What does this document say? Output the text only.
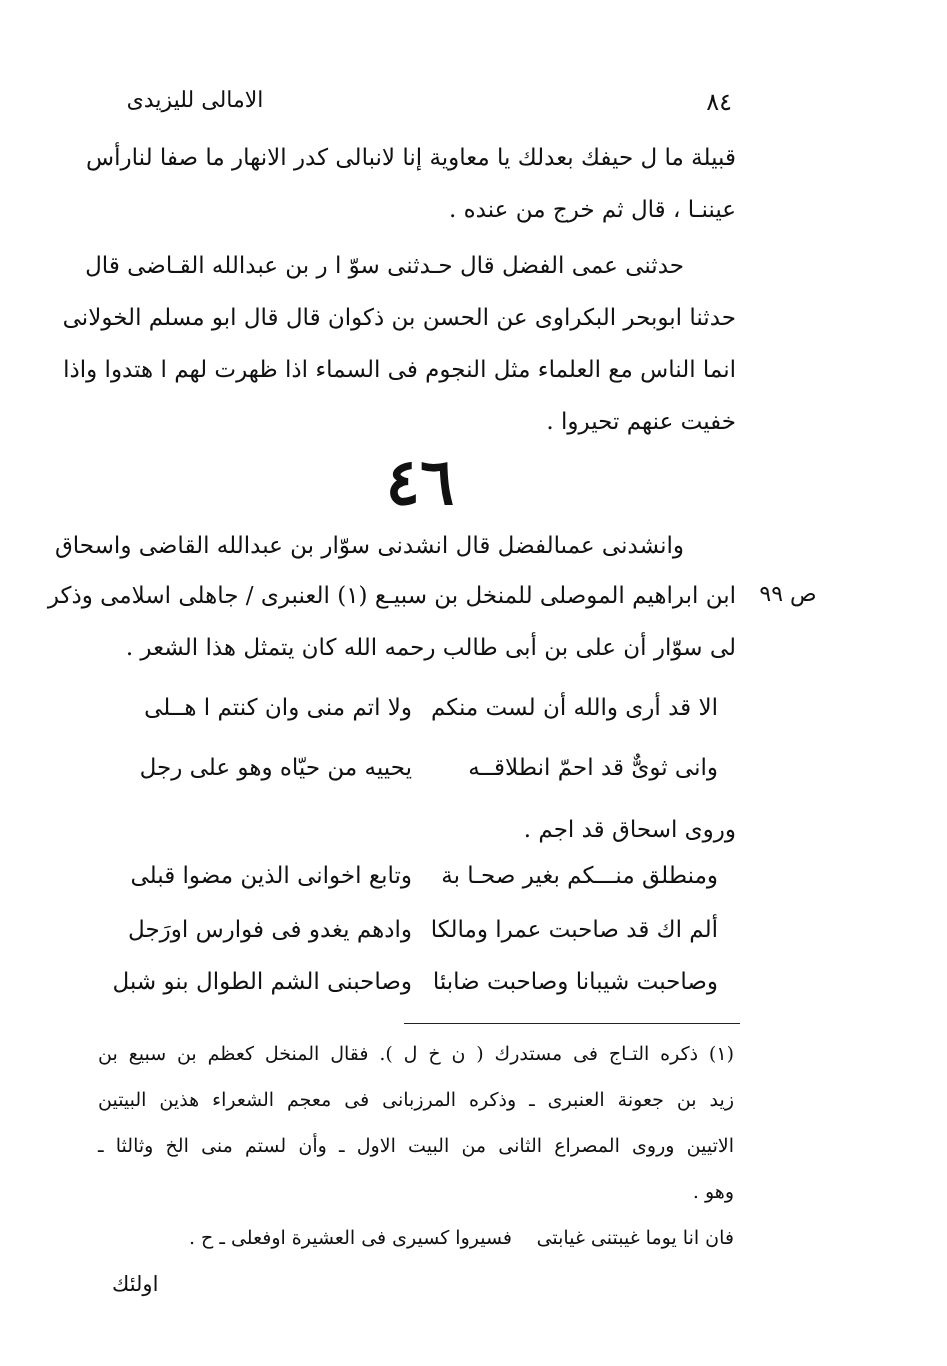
الامالى لليزيدى	٨٤
قبيلة ما ل حيفك بعدلك يا معاوية إنا لانبالى كدر الانهار ما صفا لنارأس
عيننـا ، قال ثم خرج من عنده .
حدثنى عمى الفضل قال حـدثنى سوّ ا ر بن عبدالله القـاضى قال
حدثنا ابوبحر البكراوى عن الحسن بن ذكوان قال قال ابو مسلم الخولانى
انما الناس مع العلماء مثل النجوم فى السماء اذا ظهرت لهم ا هتدوا واذا
خفيت عنهم تحيروا .
٤٦
وانشدنى عمىالفضل قال انشدنى سوّار بن عبدالله القاضى واسحاق
ص ٩٩
ابن ابراهيم الموصلى للمنخل بن سبيـع (١) العنبرى / جاهلى اسلامى وذكر
لى سوّار أن على بن أبى طالب رحمه الله كان يتمثل هذا الشعر .
الا قد أرى والله أن لست منكم
ولا اتم منى وان كنتم ا هــلى
وانى ثوىٌّ قد احمّ انطلاقــه
يحييه من حيّاه وهو على رجل
وروى اسحاق قد اجم .
ومنطلق منـــكم بغير صحـا بة
وتابع اخوانى الذين مضوا قبلى
ألم اك قد صاحبت عمرا ومالكا
وادهم يغدو فى فوارس اورَجل
وصاحبت شيبانا وصاحبت ضابئا
وصاحبنى الشم الطوال بنو شبل
(١) ذكره التـاج فى مستدرك ( ن خ ل ). فقال المنخل كعظم بن سبيع بن
زيد بن جعونة العنبرى ـ وذكره المرزبانى فى معجم الشعراء هذين البيتين
الاتيين وروى المصراع الثانى من البيت الاول ـ وأن لستم منى الخ وثالثا ـ
وهو .
فان انا يوما غيبتنى غيابتى
فسيروا كسيرى فى العشيرة اوفعلى ـ ح .
اولئك
